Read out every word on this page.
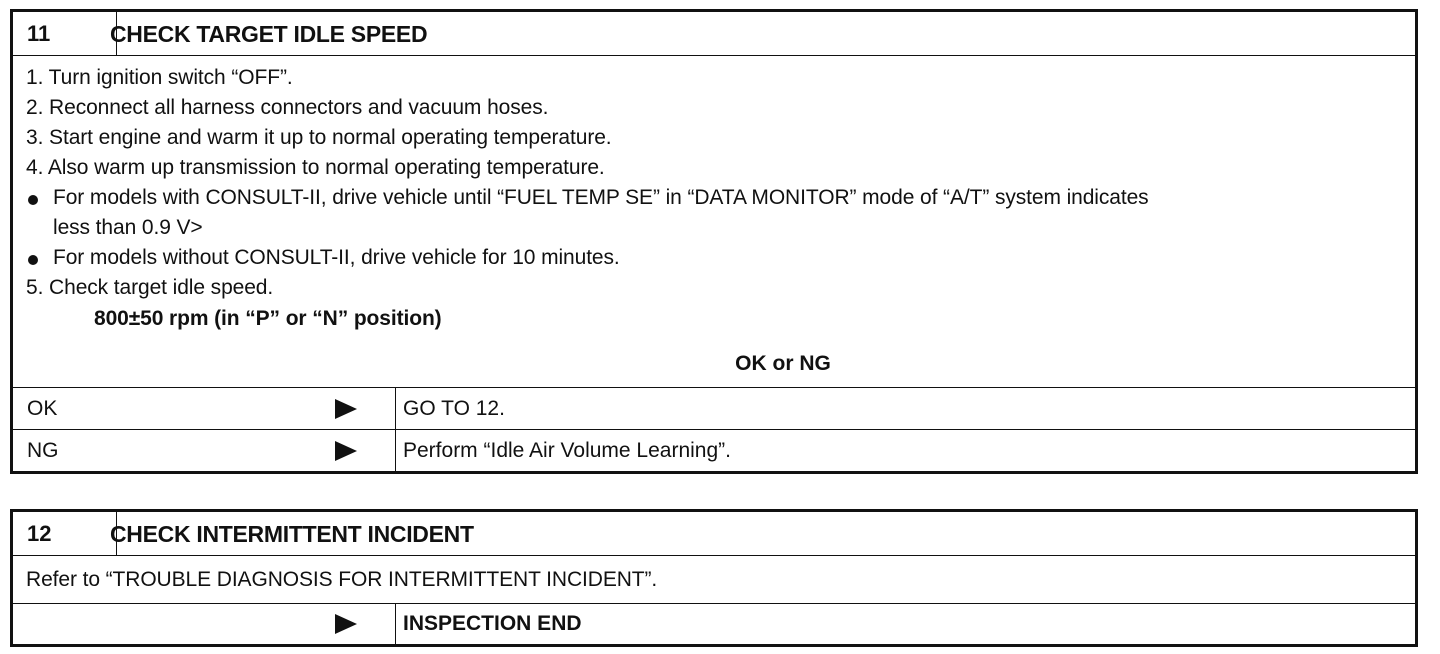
11	CHECK TARGET IDLE SPEED
1. Turn ignition switch “OFF”.
2. Reconnect all harness connectors and vacuum hoses.
3. Start engine and warm it up to normal operating temperature.
4. Also warm up transmission to normal operating temperature.
For models with CONSULT-II, drive vehicle until “FUEL TEMP SE” in “DATA MONITOR” mode of “A/T” system indicates
less than 0.9 V>
For models without CONSULT-II, drive vehicle for 10 minutes.
5. Check target idle speed.
800±50 rpm (in “P” or “N” position)
OK or NG
OK	GO TO 12.
NG	Perform “Idle Air Volume Learning”.
12	CHECK INTERMITTENT INCIDENT
Refer to “TROUBLE DIAGNOSIS FOR INTERMITTENT INCIDENT”.
INSPECTION END
